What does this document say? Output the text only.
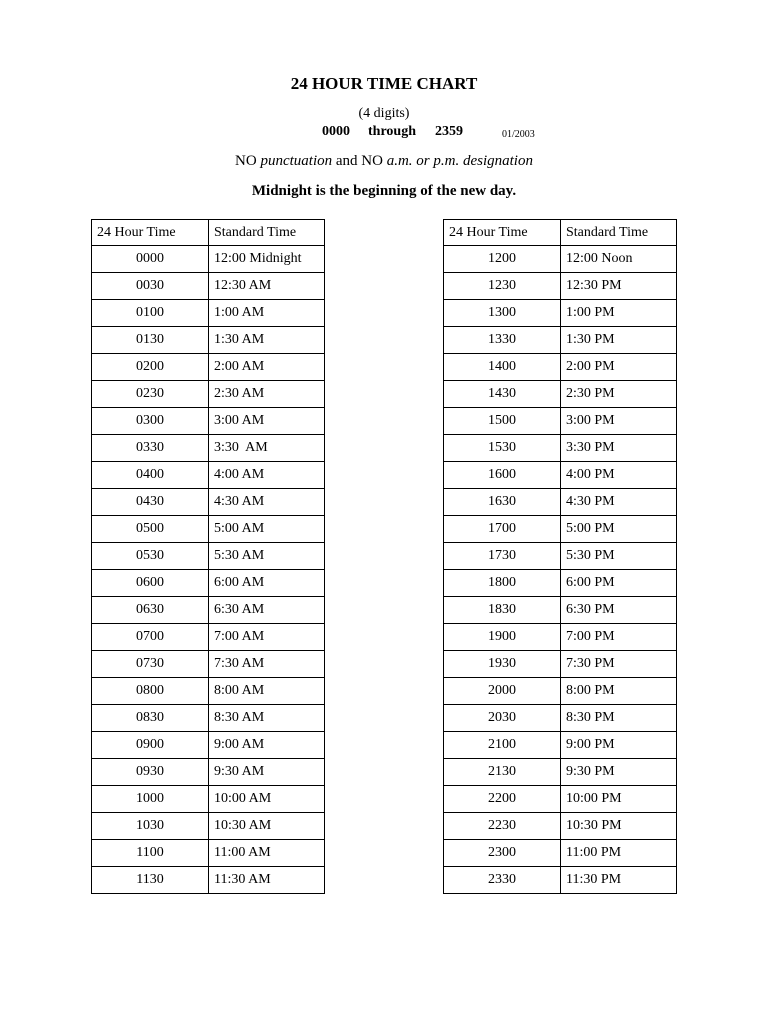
24 HOUR TIME CHART
(4 digits)
0000 through 2359	01/2003
NO punctuation and NO a.m. or p.m. designation
Midnight is the beginning of the new day.
24 Hour Time	Standard Time
0000	12:00 Midnight
0030	12:30 AM
0100	1:00 AM
0130	1:30 AM
0200	2:00 AM
0230	2:30 AM
0300	3:00 AM
0330	3:30  AM
0400	4:00 AM
0430	4:30 AM
0500	5:00 AM
0530	5:30 AM
0600	6:00 AM
0630	6:30 AM
0700	7:00 AM
0730	7:30 AM
0800	8:00 AM
0830	8:30 AM
0900	9:00 AM
0930	9:30 AM
1000	10:00 AM
1030	10:30 AM
1100	11:00 AM
1130	11:30 AM
24 Hour Time	Standard Time
1200	12:00 Noon
1230	12:30 PM
1300	1:00 PM
1330	1:30 PM
1400	2:00 PM
1430	2:30 PM
1500	3:00 PM
1530	3:30 PM
1600	4:00 PM
1630	4:30 PM
1700	5:00 PM
1730	5:30 PM
1800	6:00 PM
1830	6:30 PM
1900	7:00 PM
1930	7:30 PM
2000	8:00 PM
2030	8:30 PM
2100	9:00 PM
2130	9:30 PM
2200	10:00 PM
2230	10:30 PM
2300	11:00 PM
2330	11:30 PM
